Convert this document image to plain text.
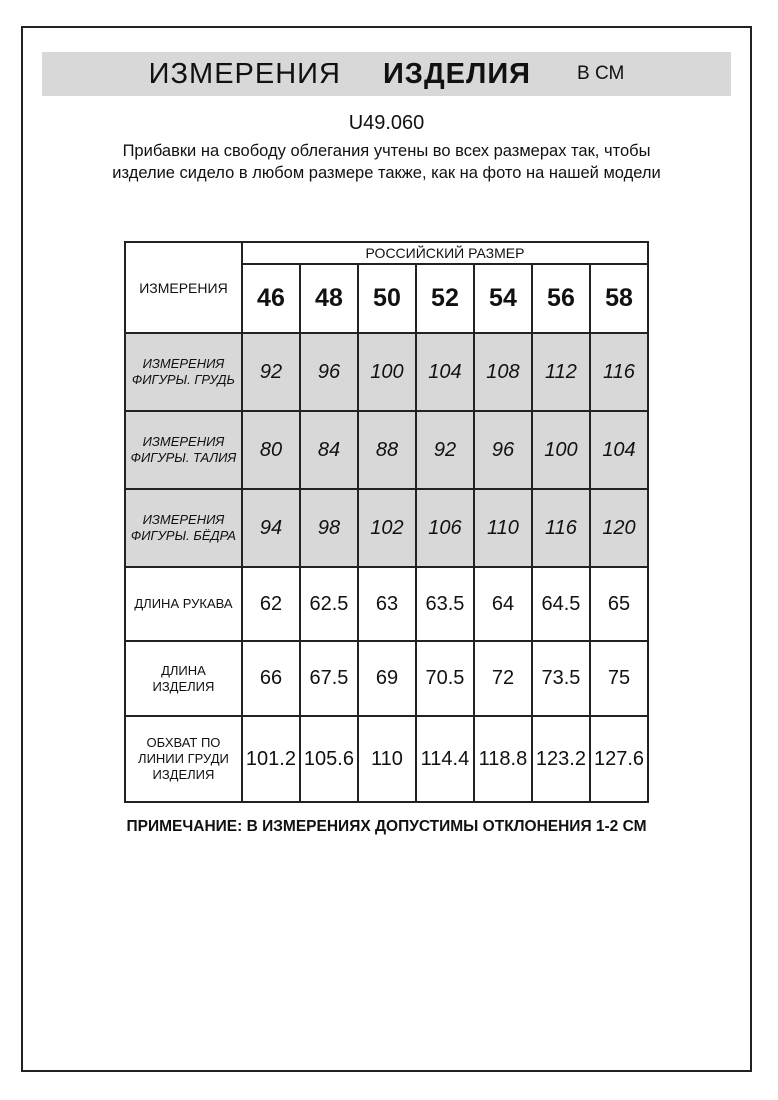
ИЗМЕРЕНИЯ ИЗДЕЛИЯ В СМ
U49.060

Прибавки на свободу облегания учтены во всех размерах так, чтобы изделие сидело в любом размере также, как на фото на нашей модели

ИЗМЕРЕНИЯ	РОССИЙСКИЙ РАЗМЕР						
	46	48	50	52	54	56	58
ИЗМЕРЕНИЯ ФИГУРЫ. ГРУДЬ	92	96	100	104	108	112	116
ИЗМЕРЕНИЯ ФИГУРЫ. ТАЛИЯ	80	84	88	92	96	100	104
ИЗМЕРЕНИЯ ФИГУРЫ. БЁДРА	94	98	102	106	110	116	120
ДЛИНА РУКАВА	62	62.5	63	63.5	64	64.5	65
ДЛИНА ИЗДЕЛИЯ	66	67.5	69	70.5	72	73.5	75
ОБХВАТ ПО ЛИНИИ ГРУДИ ИЗДЕЛИЯ	101.2	105.6	110	114.4	118.8	123.2	127.6
ПРИМЕЧАНИЕ: В ИЗМЕРЕНИЯХ ДОПУСТИМЫ ОТКЛОНЕНИЯ 1-2 СМ
